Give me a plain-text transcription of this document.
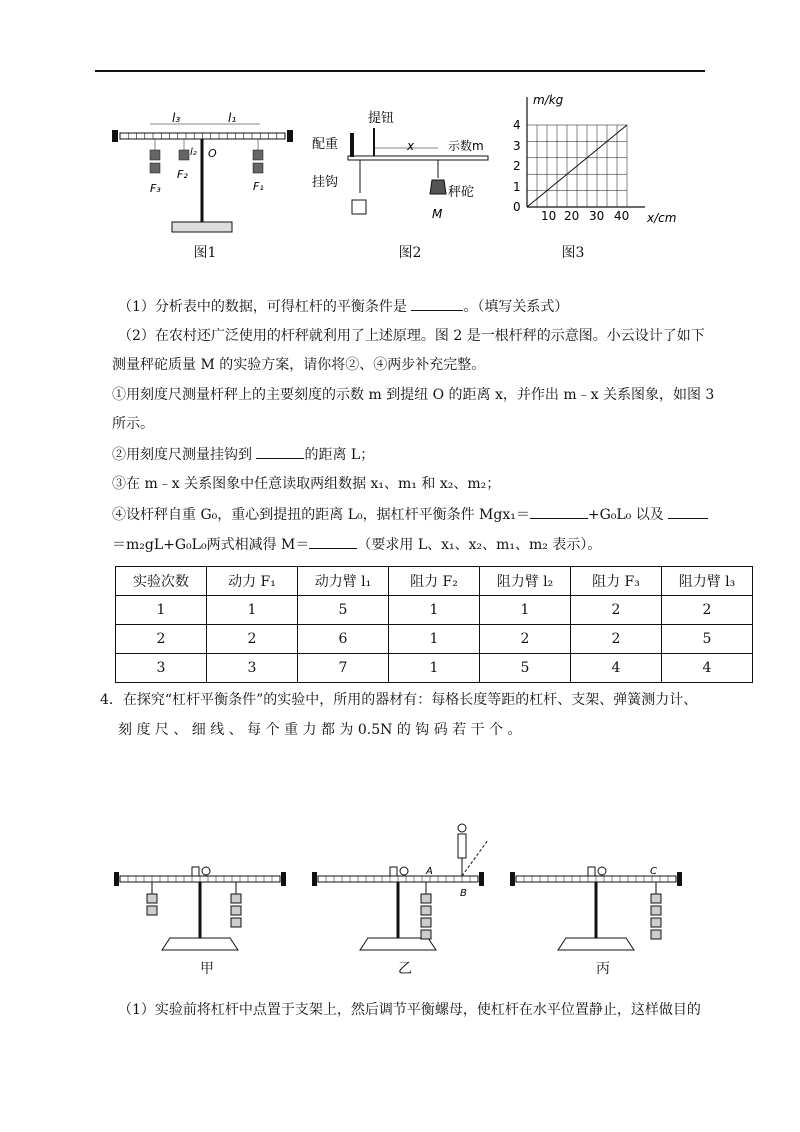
l₃	l₁
l₂ O
F₃
F₂
F₁
图1
提钮
配重	示数m
x
挂钩
秤砣
M
图2
m/kg
x/cm
4
3
2
1
0
10 20 30 40
图3
（1）分析表中的数据，可得杠杆的平衡条件是	。（填写关系式）
（2）在农村还广泛使用的杆秤就利用了上述原理。图 2 是一根杆秤的示意图。小云设计了如下
测量秤砣质量 M 的实验方案，请你将②、④两步补充完整。
①用刻度尺测量杆秤上的主要刻度的示数 m 到提纽 O 的距离 x，并作出 m﹣x 关系图象，如图 3
所示。
②用刻度尺测量挂钩到	的距离 L；
③在 m﹣x 关系图象中任意读取两组数据 x₁、m₁ 和 x₂、m₂；
④设杆秤自重 G₀，重心到提扭的距离 L₀，据杠杆平衡条件 Mgx₁＝	+G₀L₀ 以及
＝m₂gL+G₀L₀两式相减得 M＝	（要求用 L、x₁、x₂、m₁、m₂ 表示）。
实验次数	动力 F₁	动力臂 l₁	阻力 F₂	阻力臂 l₂	阻力 F₃	阻力臂 l₃
1	1	5	1	1	2	2
2	2	6	1	2	2	5
3	3	7	1	5	4	4
4．在探究“杠杆平衡条件”的实验中，所用的器材有：每格长度等距的杠杆、支架、弹簧测力计、
刻 度 尺 、 细 线 、 每 个 重 力 都 为 0.5N 的 钩 码 若 干 个 。
A
B
C
甲	乙	丙
（1）实验前将杠杆中点置于支架上，然后调节平衡螺母，使杠杆在水平位置静止，这样做目的
